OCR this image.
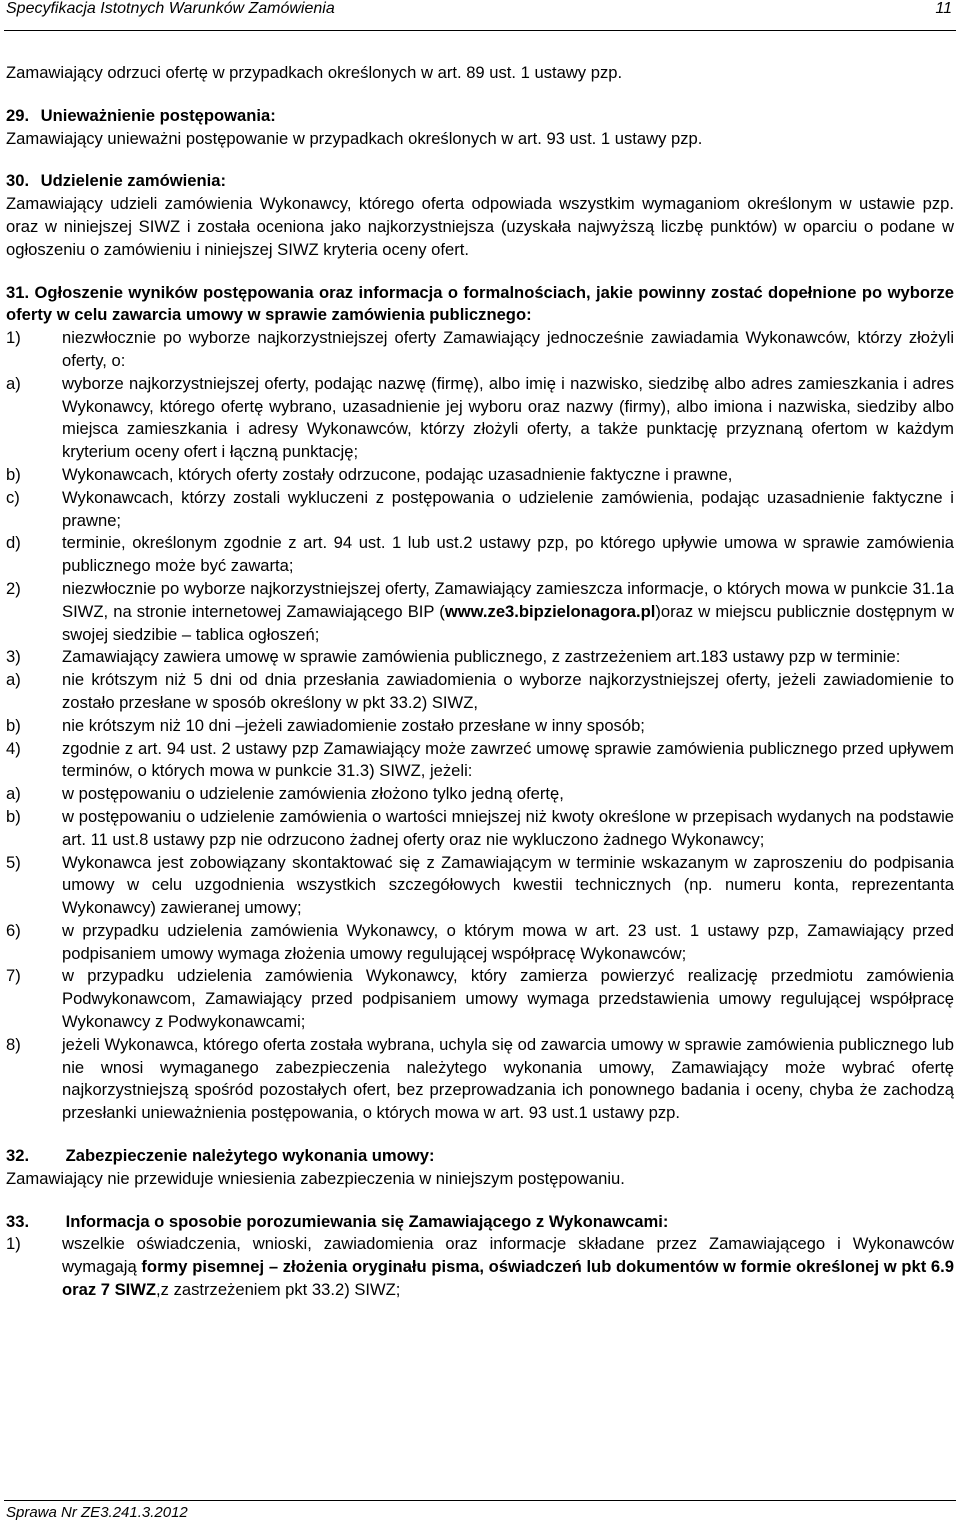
Specyfikacja Istotnych Warunków Zamówienia	11

Zamawiający odrzuci ofertę w przypadkach określonych w art. 89 ust. 1 ustawy pzp.

29. Unieważnienie postępowania:

Zamawiający unieważni postępowanie w przypadkach określonych w art. 93 ust. 1 ustawy pzp.

30. Udzielenie zamówienia:

Zamawiający udzieli zamówienia Wykonawcy, którego oferta odpowiada wszystkim wymaganiom określonym w ustawie pzp. oraz w niniejszej SIWZ i została oceniona jako najkorzystniejsza (uzyskała najwyższą liczbę punktów) w oparciu o podane w ogłoszeniu o zamówieniu i niniejszej SIWZ kryteria oceny ofert.

31. Ogłoszenie wyników postępowania oraz informacja o formalnościach, jakie powinny zostać dopełnione po wyborze oferty w celu zawarcia umowy w sprawie zamówienia publicznego:

1)	niezwłocznie po wyborze najkorzystniejszej oferty Zamawiający jednocześnie zawiadamia Wykonawców, którzy złożyli oferty, o:
a)	wyborze najkorzystniejszej oferty, podając nazwę (firmę), albo imię i nazwisko, siedzibę albo adres zamieszkania i adres Wykonawcy, którego ofertę wybrano, uzasadnienie jej wyboru oraz nazwy (firmy), albo imiona i nazwiska, siedziby albo miejsca zamieszkania i adresy Wykonawców, którzy złożyli oferty, a także punktację przyznaną ofertom w każdym kryterium oceny ofert i łączną punktację;
b)	Wykonawcach, których oferty zostały odrzucone, podając uzasadnienie faktyczne i prawne,
c)	Wykonawcach, którzy zostali wykluczeni z postępowania o udzielenie zamówienia, podając uzasadnienie faktyczne i prawne;
d)	terminie, określonym zgodnie z art. 94 ust. 1 lub ust.2 ustawy pzp, po którego upływie umowa w sprawie zamówienia publicznego może być zawarta;
2)	niezwłocznie po wyborze najkorzystniejszej oferty, Zamawiający zamieszcza informacje, o których mowa w punkcie 31.1a SIWZ, na stronie internetowej Zamawiającego BIP (www.ze3.bipzielonagora.pl)oraz w miejscu publicznie dostępnym w swojej siedzibie – tablica ogłoszeń;
3)	Zamawiający zawiera umowę w sprawie zamówienia publicznego, z zastrzeżeniem art.183 ustawy pzp w terminie:
a)	nie krótszym niż 5 dni od dnia przesłania zawiadomienia o wyborze najkorzystniejszej oferty, jeżeli zawiadomienie to zostało przesłane w sposób określony w pkt 33.2) SIWZ,
b)	nie krótszym niż 10 dni –jeżeli zawiadomienie zostało przesłane w inny sposób;
4)	zgodnie z art. 94 ust. 2 ustawy pzp Zamawiający może zawrzeć umowę sprawie zamówienia publicznego przed upływem terminów, o których mowa w punkcie 31.3) SIWZ, jeżeli:
a)	w postępowaniu o udzielenie zamówienia złożono tylko jedną ofertę,
b)	w postępowaniu o udzielenie zamówienia o wartości mniejszej niż kwoty określone w przepisach wydanych na podstawie art. 11 ust.8 ustawy pzp nie odrzucono żadnej oferty oraz nie wykluczono żadnego Wykonawcy;
5)	Wykonawca jest zobowiązany skontaktować się z Zamawiającym w terminie wskazanym w zaproszeniu do podpisania umowy w celu uzgodnienia wszystkich szczegółowych kwestii technicznych (np. numeru konta, reprezentanta Wykonawcy) zawieranej umowy;
6)	w przypadku udzielenia zamówienia Wykonawcy, o którym mowa w art. 23 ust. 1 ustawy pzp, Zamawiający przed podpisaniem umowy wymaga złożenia umowy regulującej współpracę Wykonawców;
7)	w przypadku udzielenia zamówienia Wykonawcy, który zamierza powierzyć realizację przedmiotu zamówienia Podwykonawcom, Zamawiający przed podpisaniem umowy wymaga przedstawienia umowy regulującej współpracę Wykonawcy z Podwykonawcami;
8)	jeżeli Wykonawca, którego oferta została wybrana, uchyla się od zawarcia umowy w sprawie zamówienia publicznego lub nie wnosi wymaganego zabezpieczenia należytego wykonania umowy, Zamawiający może wybrać ofertę najkorzystniejszą spośród pozostałych ofert, bez przeprowadzania ich ponownego badania i oceny, chyba że zachodzą przesłanki unieważnienia postępowania, o których mowa w art. 93 ust.1 ustawy pzp.

32. Zabezpieczenie należytego wykonania umowy:

Zamawiający nie przewiduje wniesienia zabezpieczenia w niniejszym postępowaniu.

33. Informacja o sposobie porozumiewania się Zamawiającego z Wykonawcami:

1)	wszelkie oświadczenia, wnioski, zawiadomienia oraz informacje składane przez Zamawiającego i Wykonawców wymagają formy pisemnej – złożenia oryginału pisma, oświadczeń lub dokumentów w formie określonej w pkt 6.9 oraz 7 SIWZ,z zastrzeżeniem pkt 33.2) SIWZ;
Sprawa Nr ZE3.241.3.2012
